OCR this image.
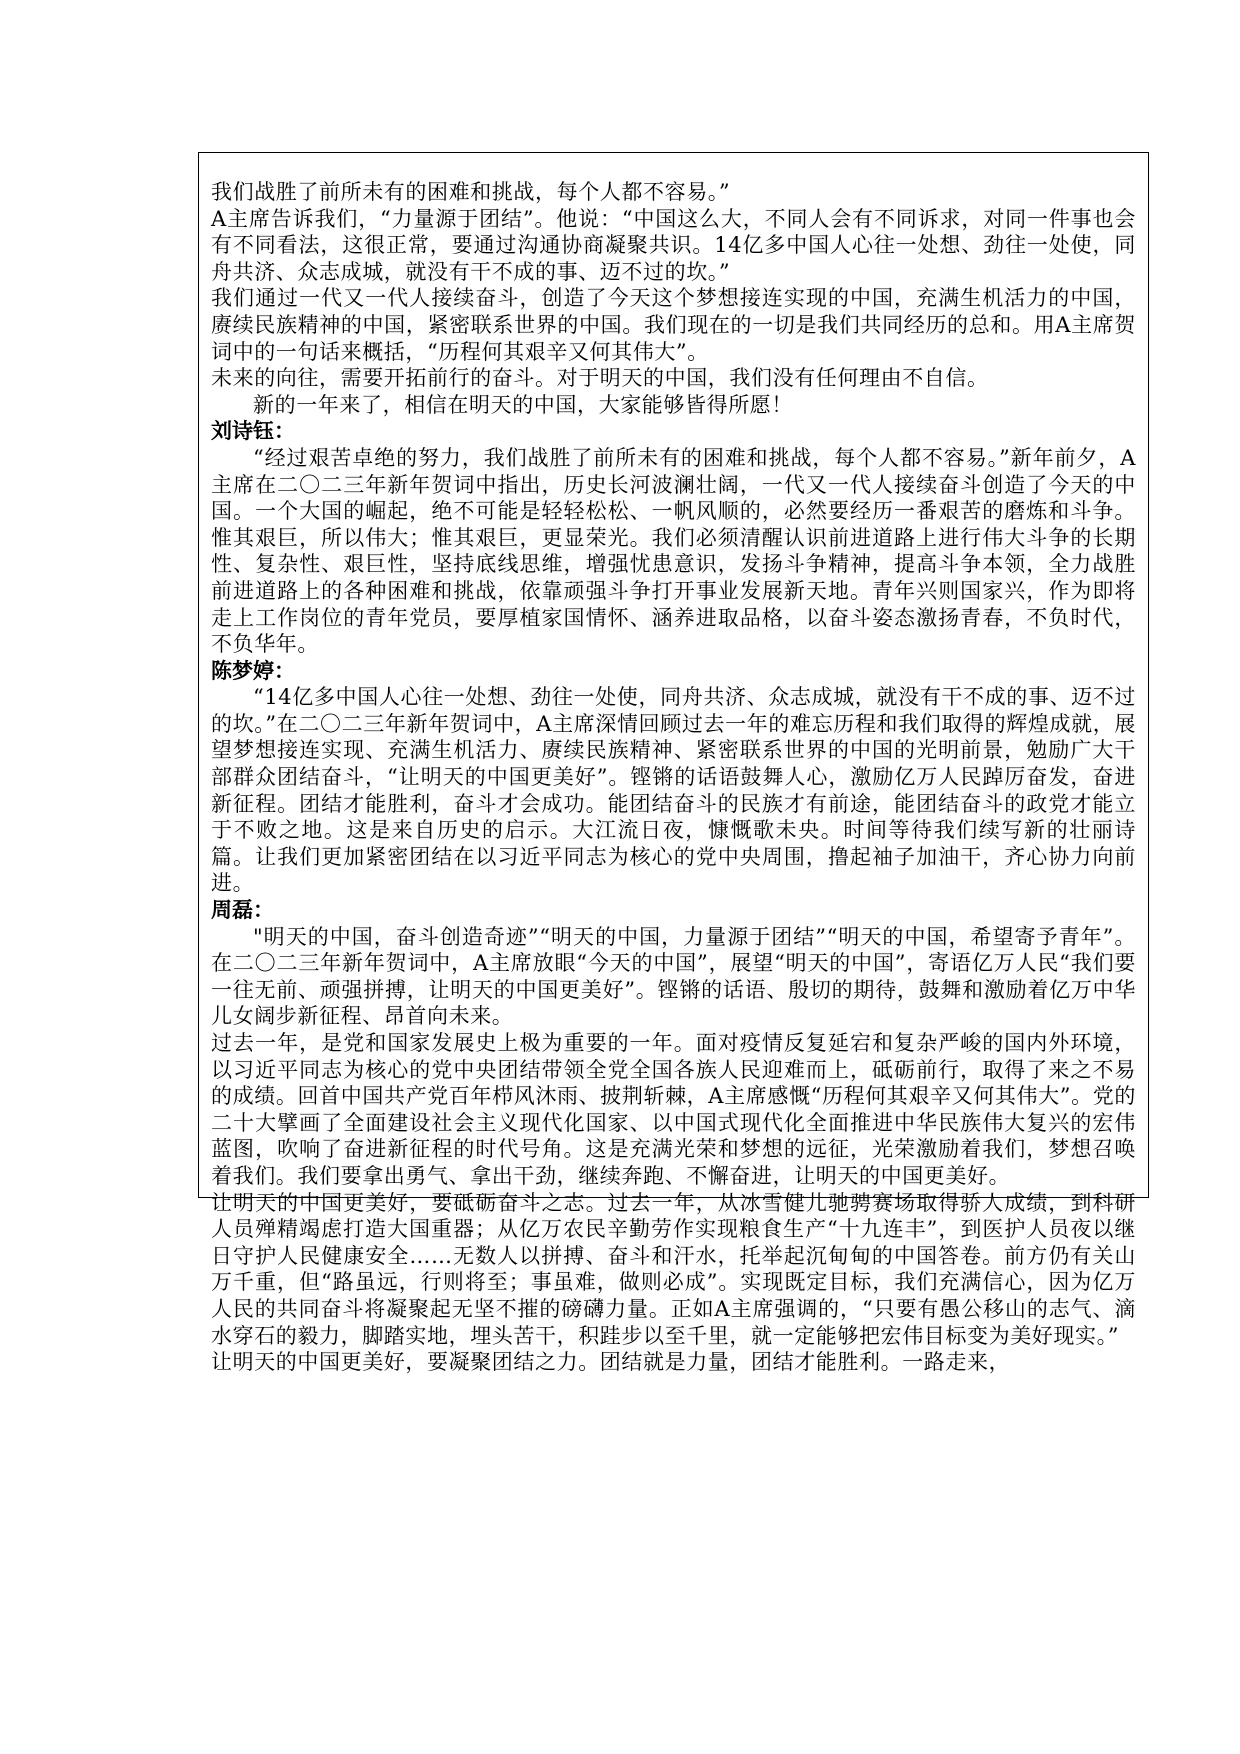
我们战胜了前所未有的困难和挑战，每个人都不容易。”

A主席告诉我们，“力量源于团结”。他说：“中国这么大，不同人会有不同诉求，对同一件事也会有不同看法，这很正常，要通过沟通协商凝聚共识。14亿多中国人心往一处想、劲往一处使，同舟共济、众志成城，就没有干不成的事、迈不过的坎。”

我们通过一代又一代人接续奋斗，创造了今天这个梦想接连实现的中国，充满生机活力的中国，赓续民族精神的中国，紧密联系世界的中国。我们现在的一切是我们共同经历的总和。用A主席贺词中的一句话来概括，“历程何其艰辛又何其伟大”。

未来的向往，需要开拓前行的奋斗。对于明天的中国，我们没有任何理由不自信。

新的一年来了，相信在明天的中国，大家能够皆得所愿！

刘诗钰：

“经过艰苦卓绝的努力，我们战胜了前所未有的困难和挑战，每个人都不容易。”新年前夕，A主席在二〇二三年新年贺词中指出，历史长河波澜壮阔，一代又一代人接续奋斗创造了今天的中国。一个大国的崛起，绝不可能是轻轻松松、一帆风顺的，必然要经历一番艰苦的磨炼和斗争。惟其艰巨，所以伟大；惟其艰巨，更显荣光。我们必须清醒认识前进道路上进行伟大斗争的长期性、复杂性、艰巨性，坚持底线思维，增强忧患意识，发扬斗争精神，提高斗争本领，全力战胜前进道路上的各种困难和挑战，依靠顽强斗争打开事业发展新天地。青年兴则国家兴，作为即将走上工作岗位的青年党员，要厚植家国情怀、涵养进取品格，以奋斗姿态激扬青春，不负时代，不负华年。

陈梦婷：

“14亿多中国人心往一处想、劲往一处使，同舟共济、众志成城，就没有干不成的事、迈不过的坎。”在二〇二三年新年贺词中，A主席深情回顾过去一年的难忘历程和我们取得的辉煌成就，展望梦想接连实现、充满生机活力、赓续民族精神、紧密联系世界的中国的光明前景，勉励广大干部群众团结奋斗，“让明天的中国更美好”。铿锵的话语鼓舞人心，激励亿万人民踔厉奋发，奋进新征程。团结才能胜利，奋斗才会成功。能团结奋斗的民族才有前途，能团结奋斗的政党才能立于不败之地。这是来自历史的启示。大江流日夜，慷慨歌未央。时间等待我们续写新的壮丽诗篇。让我们更加紧密团结在以习近平同志为核心的党中央周围，撸起袖子加油干，齐心协力向前进。

周磊：

"明天的中国，奋斗创造奇迹”“明天的中国，力量源于团结”“明天的中国，希望寄予青年”。在二〇二三年新年贺词中，A主席放眼“今天的中国”，展望“明天的中国”，寄语亿万人民“我们要一往无前、顽强拼搏，让明天的中国更美好”。铿锵的话语、殷切的期待，鼓舞和激励着亿万中华儿女阔步新征程、昂首向未来。

过去一年，是党和国家发展史上极为重要的一年。面对疫情反复延宕和复杂严峻的国内外环境，以习近平同志为核心的党中央团结带领全党全国各族人民迎难而上，砥砺前行，取得了来之不易的成绩。回首中国共产党百年栉风沐雨、披荆斩棘，A主席感慨“历程何其艰辛又何其伟大”。党的二十大擘画了全面建设社会主义现代化国家、以中国式现代化全面推进中华民族伟大复兴的宏伟蓝图，吹响了奋进新征程的时代号角。这是充满光荣和梦想的远征，光荣激励着我们，梦想召唤着我们。我们要拿出勇气、拿出干劲，继续奔跑、不懈奋进，让明天的中国更美好。

让明天的中国更美好，要砥砺奋斗之志。过去一年，从冰雪健儿驰骋赛场取得骄人成绩，到科研人员殚精竭虑打造大国重器；从亿万农民辛勤劳作实现粮食生产“十九连丰”，到医护人员夜以继日守护人民健康安全……无数人以拼搏、奋斗和汗水，托举起沉甸甸的中国答卷。前方仍有关山万千重，但“路虽远，行则将至；事虽难，做则必成”。实现既定目标，我们充满信心，因为亿万人民的共同奋斗将凝聚起无坚不摧的磅礴力量。正如A主席强调的，“只要有愚公移山的志气、滴水穿石的毅力，脚踏实地，埋头苦干，积跬步以至千里，就一定能够把宏伟目标变为美好现实。”

让明天的中国更美好，要凝聚团结之力。团结就是力量，团结才能胜利。一路走来，
